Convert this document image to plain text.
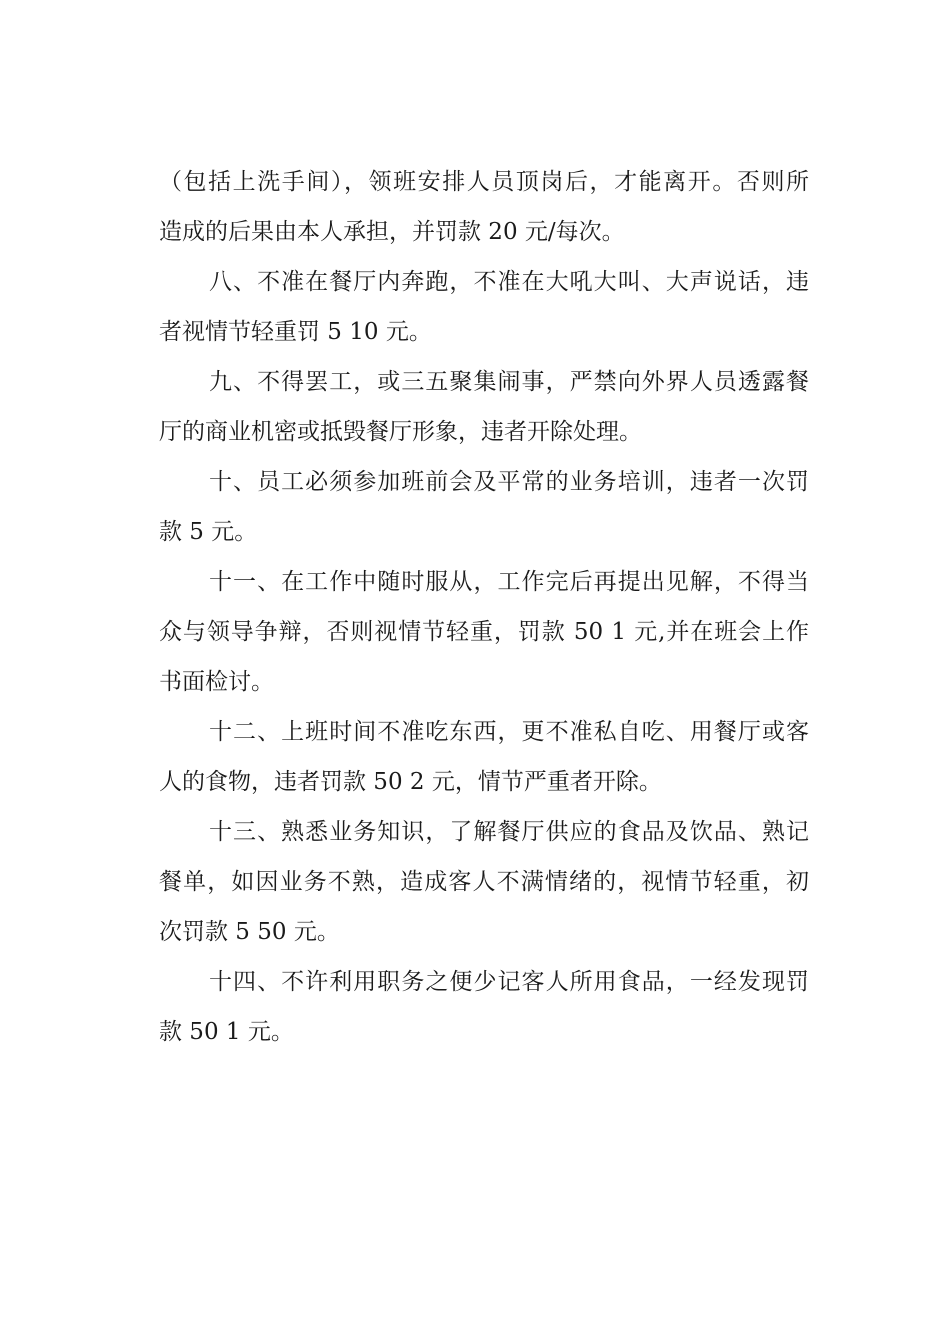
（包括上洗手间），领班安排人员顶岗后，才能离开。否则所
造成的后果由本人承担，并罚款 20 元/每次。
八、不准在餐厅内奔跑，不准在大吼大叫、大声说话，违
者视情节轻重罚 5 10 元。
九、不得罢工，或三五聚集闹事，严禁向外界人员透露餐
厅的商业机密或抵毁餐厅形象，违者开除处理。
十、员工必须参加班前会及平常的业务培训，违者一次罚
款 5 元。
十一、在工作中随时服从，工作完后再提出见解，不得当
众与领导争辩，否则视情节轻重，罚款 50 1 元,并在班会上作
书面检讨。
十二、上班时间不准吃东西，更不准私自吃、用餐厅或客
人的食物，违者罚款 50 2 元，情节严重者开除。
十三、熟悉业务知识，了解餐厅供应的食品及饮品、熟记
餐单，如因业务不熟，造成客人不满情绪的，视情节轻重，初
次罚款 5 50 元。
十四、不许利用职务之便少记客人所用食品，一经发现罚
款 50 1 元。
